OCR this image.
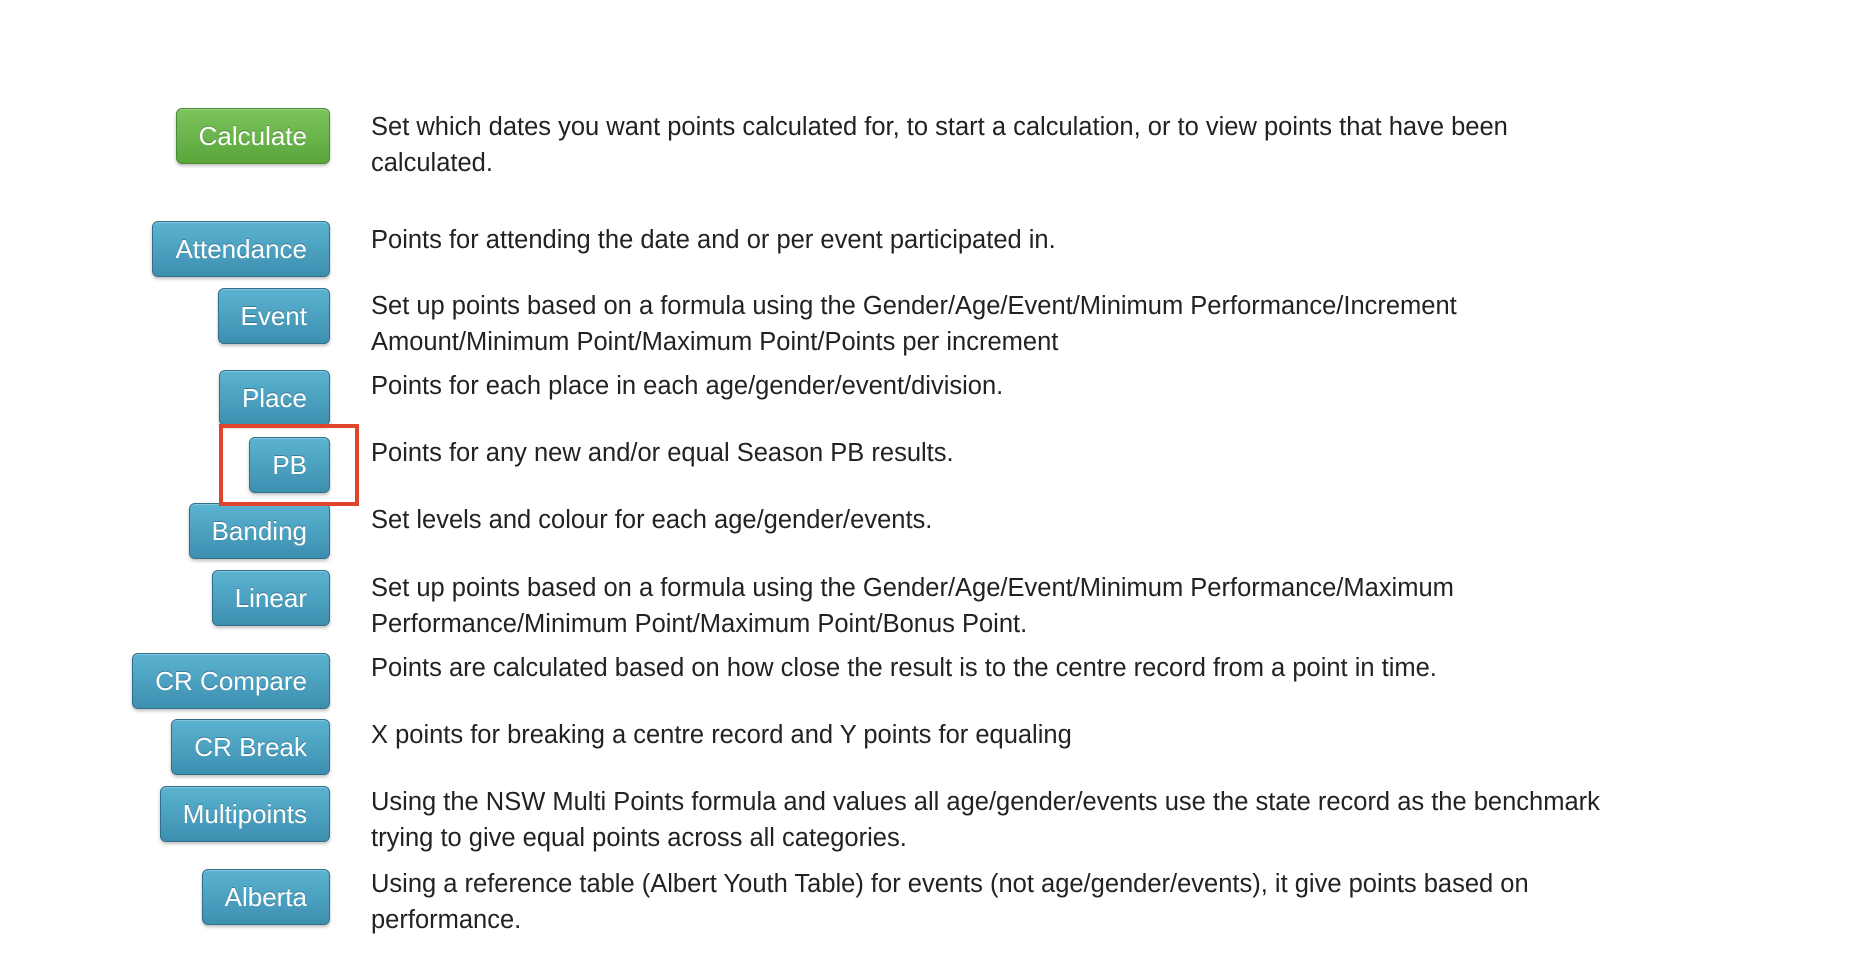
Calculate	Set which dates you want points calculated for, to start a calculation, or to view points that have been calculated.
Attendance	Points for attending the date and or per event participated in.
Event	Set up points based on a formula using the Gender/Age/Event/Minimum Performance/Increment Amount/Minimum Point/Maximum Point/Points per increment
Place	Points for each place in each age/gender/event/division.
PB	Points for any new and/or equal Season PB results.
Banding	Set levels and colour for each age/gender/events.
Linear	Set up points based on a formula using the Gender/Age/Event/Minimum Performance/Maximum Performance/Minimum Point/Maximum Point/Bonus Point.
CR Compare	Points are calculated based on how close the result is to the centre record from a point in time.
CR Break	X points for breaking a centre record and Y points for equaling
Multipoints	Using the NSW Multi Points formula and values all age/gender/events use the state record as the benchmark trying to give equal points across all categories.
Alberta	Using a reference table (Albert Youth Table) for events (not age/gender/events), it give points based on performance.
